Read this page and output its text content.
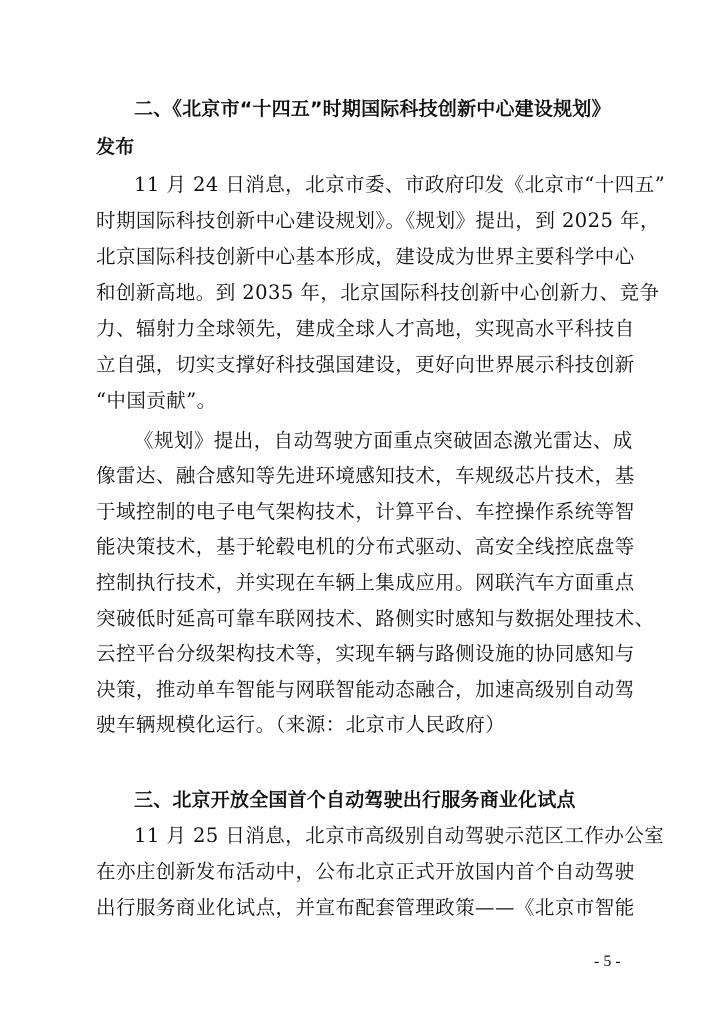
二、《北京市“十四五”时期国际科技创新中心建设规划》
发布
11 月 24 日消息，北京市委、市政府印发《北京市“十四五”
时期国际科技创新中心建设规划》。《规划》提出，到 2025 年，
北京国际科技创新中心基本形成，建设成为世界主要科学中心
和创新高地。到 2035 年，北京国际科技创新中心创新力、竞争
力、辐射力全球领先，建成全球人才高地，实现高水平科技自
立自强，切实支撑好科技强国建设，更好向世界展示科技创新
“中国贡献”。
《规划》提出，自动驾驶方面重点突破固态激光雷达、成
像雷达、融合感知等先进环境感知技术，车规级芯片技术，基
于域控制的电子电气架构技术，计算平台、车控操作系统等智
能决策技术，基于轮毂电机的分布式驱动、高安全线控底盘等
控制执行技术，并实现在车辆上集成应用。网联汽车方面重点
突破低时延高可靠车联网技术、路侧实时感知与数据处理技术、
云控平台分级架构技术等，实现车辆与路侧设施的协同感知与
决策，推动单车智能与网联智能动态融合，加速高级别自动驾
驶车辆规模化运行。（来源：北京市人民政府）
三、北京开放全国首个自动驾驶出行服务商业化试点
11 月 25 日消息，北京市高级别自动驾驶示范区工作办公室
在亦庄创新发布活动中，公布北京正式开放国内首个自动驾驶
出行服务商业化试点，并宣布配套管理政策——《北京市智能
- 5 -
